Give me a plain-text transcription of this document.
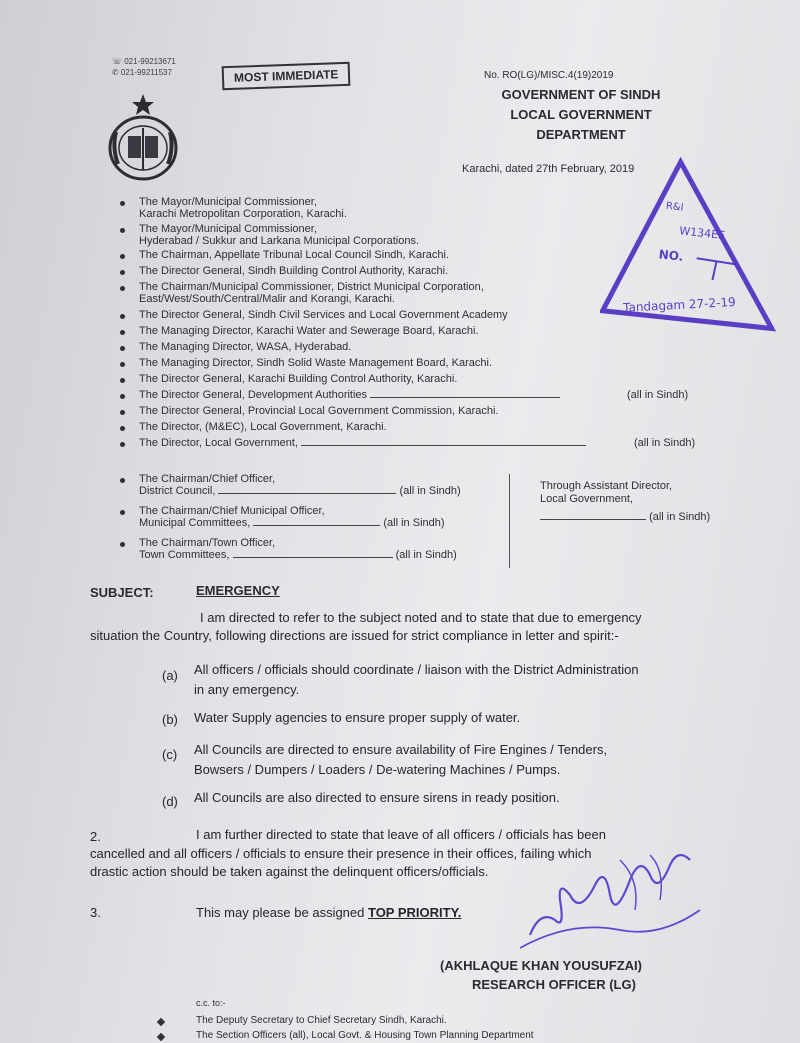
☏ 021-99213671
✆ 021-99211537	MOST IMMEDIATE	No. RO(LG)/MISC.4(19)2019
GOVERNMENT OF SINDH
LOCAL GOVERNMENT
DEPARTMENT
Karachi, dated 27th February, 2019
R&I
W134EE
NO.
Tandagam 27-2-19
The Mayor/Municipal Commissioner,
Karachi Metropolitan Corporation, Karachi.
The Mayor/Municipal Commissioner,
Hyderabad / Sukkur and Larkana Municipal Corporations.
The Chairman, Appellate Tribunal Local Council Sindh, Karachi.
The Director General, Sindh Building Control Authority, Karachi.
The Chairman/Municipal Commissioner, District Municipal Corporation,
East/West/South/Central/Malir and Korangi, Karachi.
The Director General, Sindh Civil Services and Local Government Academy
The Managing Director, Karachi Water and Sewerage Board, Karachi.
The Managing Director, WASA, Hyderabad.
The Managing Director, Sindh Solid Waste Management Board, Karachi.
The Director General, Karachi Building Control Authority, Karachi.
The Director General, Development Authorities	(all in Sindh)
The Director General, Provincial Local Government Commission, Karachi.
The Director, (M&EC), Local Government, Karachi.
The Director, Local Government,	(all in Sindh)
The Chairman/Chief Officer,
District Council,	(all in Sindh)
The Chairman/Chief Municipal Officer,
Municipal Committees,	(all in Sindh)
The Chairman/Town Officer,
Town Committees,	(all in Sindh)
Through Assistant Director,
Local Government,
(all in Sindh)
SUBJECT:	EMERGENCY
I am directed to refer to the subject noted and to state that due to emergency
situation the Country, following directions are issued for strict compliance in letter and spirit:-
(a) All officers / officials should coordinate / liaison with the District Administration
in any emergency.
(b) Water Supply agencies to ensure proper supply of water.
(c) All Councils are directed to ensure availability of Fire Engines / Tenders,
Bowsers / Dumpers / Loaders / De-watering Machines / Pumps.
(d) All Councils are also directed to ensure sirens in ready position.
2.	I am further directed to state that leave of all officers / officials has been
cancelled and all officers / officials to ensure their presence in their offices, failing which
drastic action should be taken against the delinquent officers/officials.
3.	This may please be assigned TOP PRIORITY.
(AKHLAQUE KHAN YOUSUFZAI)
RESEARCH OFFICER (LG)
c.c. to:-
The Deputy Secretary to Chief Secretary Sindh, Karachi.
The Section Officers (all), Local Govt. & Housing Town Planning Department
